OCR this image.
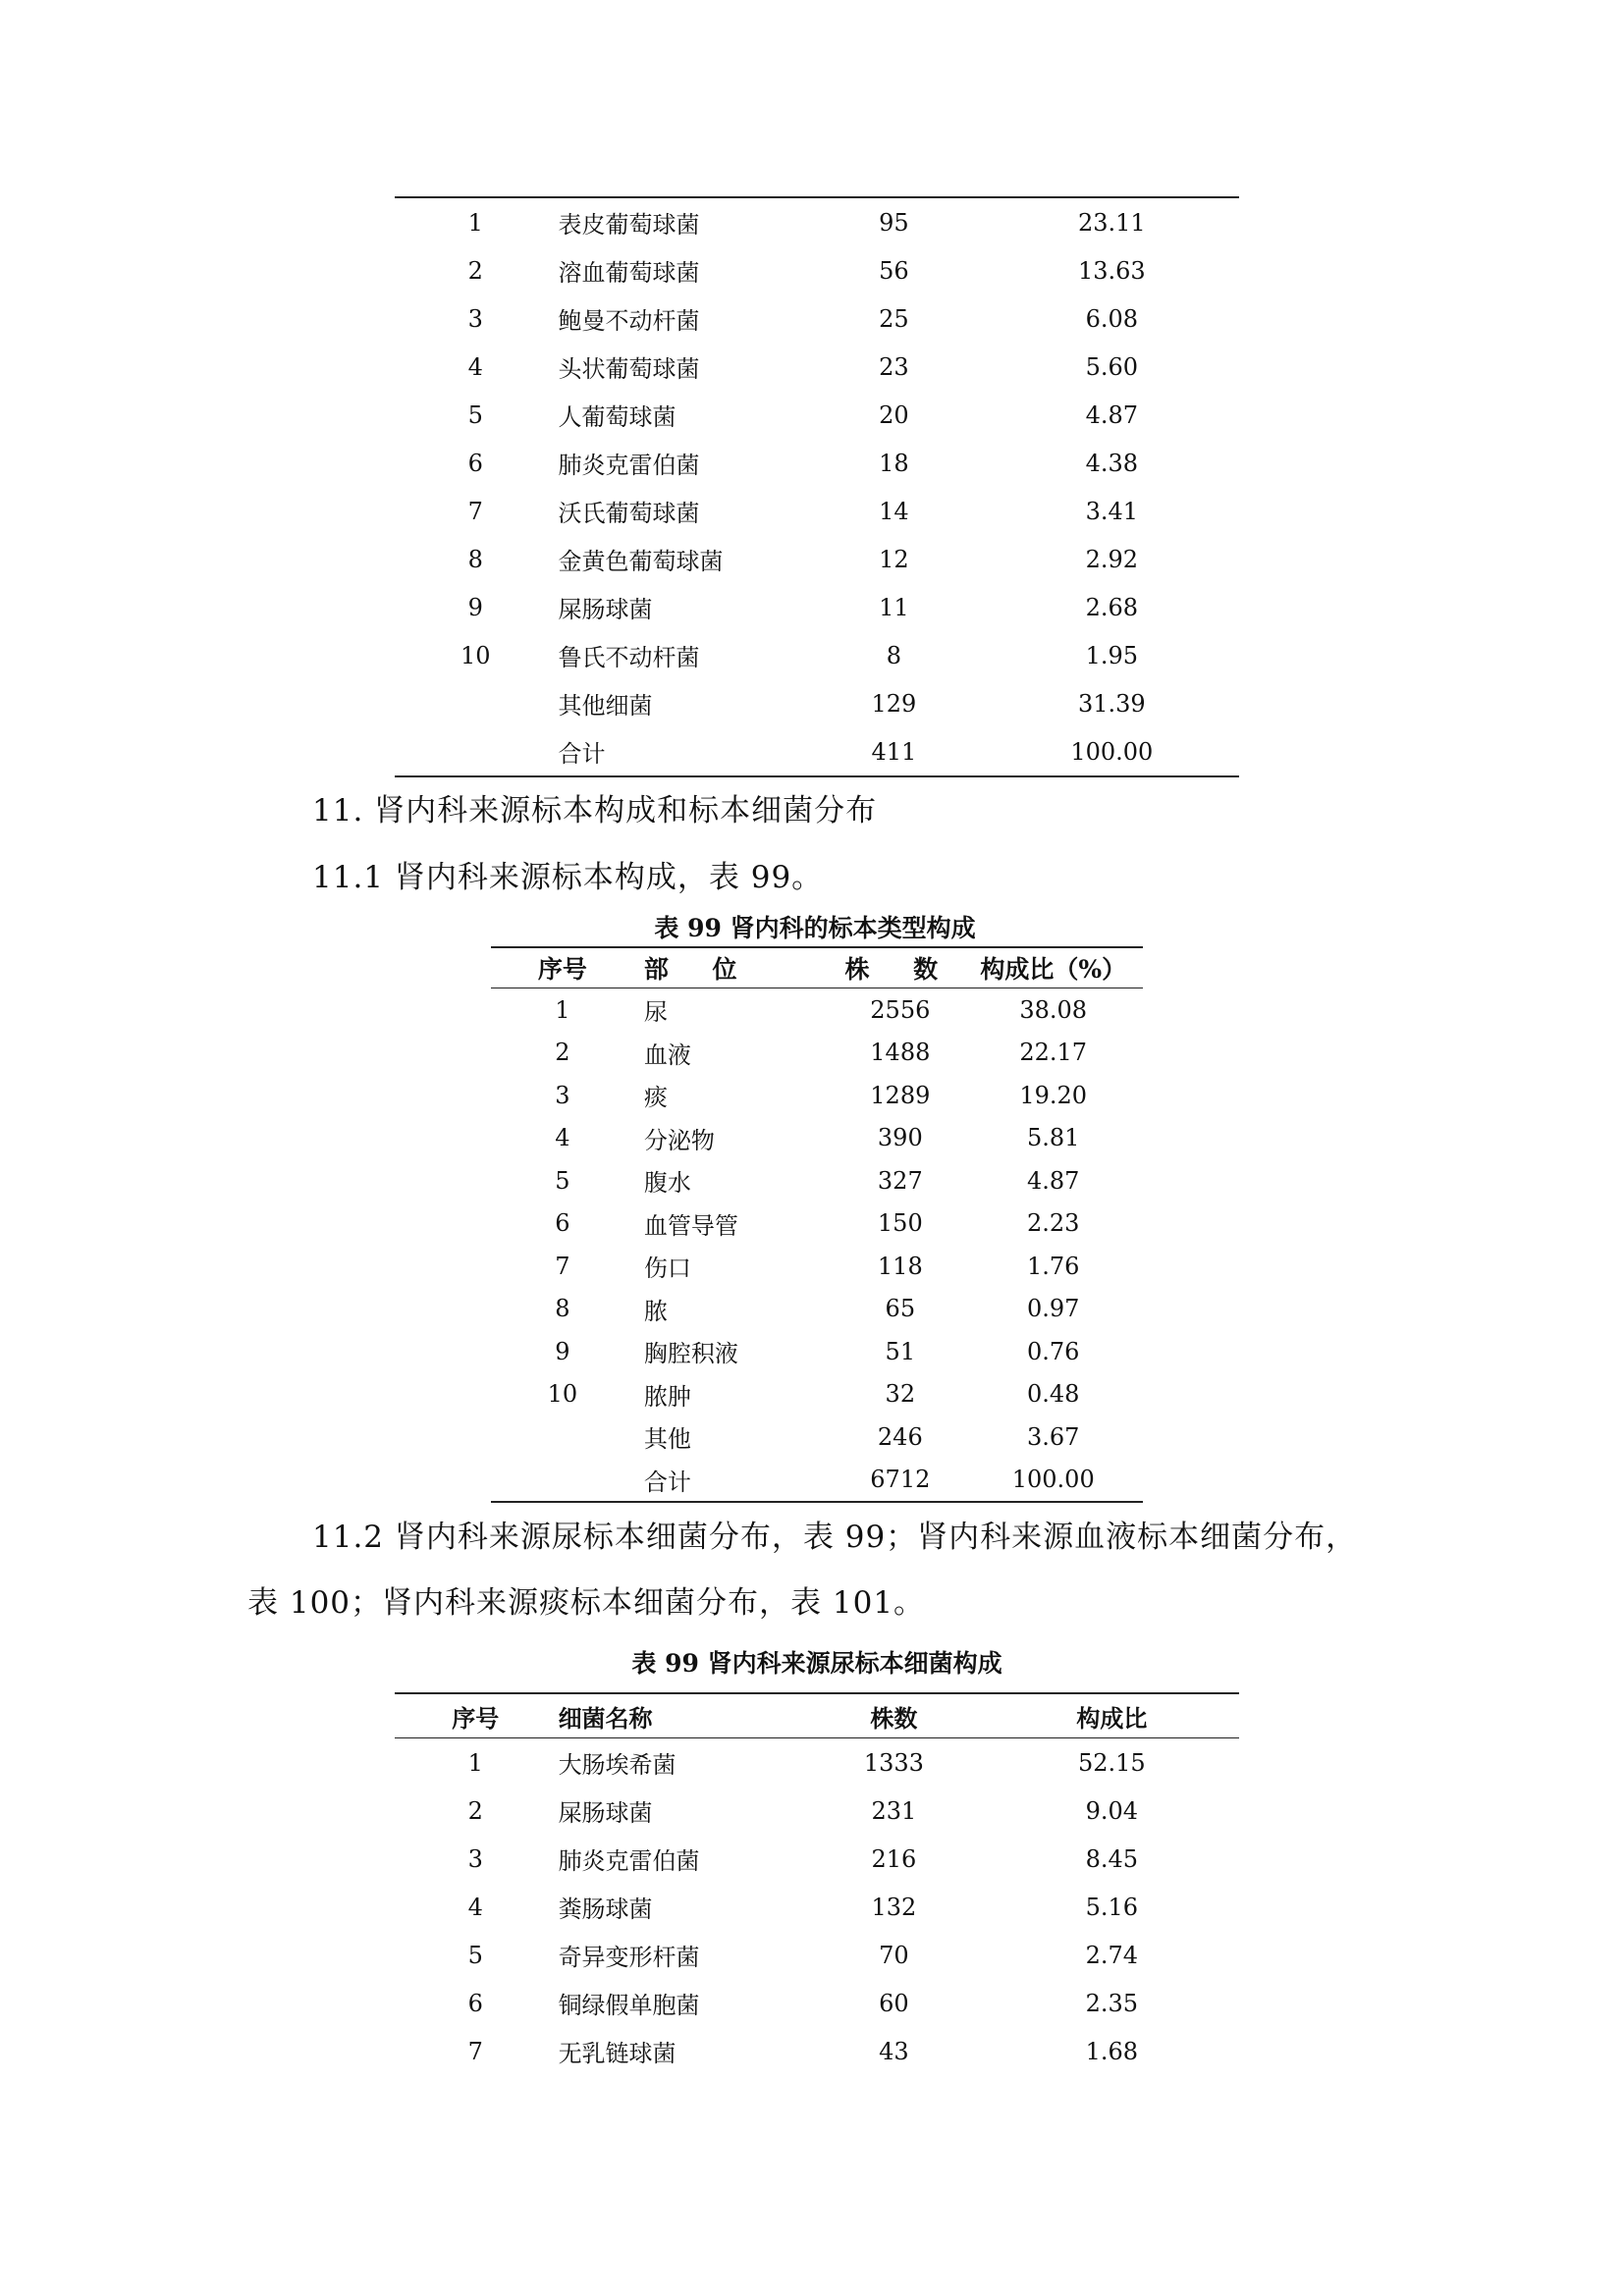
1	表皮葡萄球菌	95	23.11
2	溶血葡萄球菌	56	13.63
3	鲍曼不动杆菌	25	6.08
4	头状葡萄球菌	23	5.60
5	人葡萄球菌	20	4.87
6	肺炎克雷伯菌	18	4.38
7	沃氏葡萄球菌	14	3.41
8	金黄色葡萄球菌	12	2.92
9	屎肠球菌	11	2.68
10	鲁氏不动杆菌	8	1.95
	其他细菌	129	31.39
	合计	411	100.00
11. 肾内科来源标本构成和标本细菌分布
11.1 肾内科来源标本构成，表 99。
表 99 肾内科的标本类型构成
序号	部 位	株 数	构成比（%）
1	尿	2556	38.08
2	血液	1488	22.17
3	痰	1289	19.20
4	分泌物	390	5.81
5	腹水	327	4.87
6	血管导管	150	2.23
7	伤口	118	1.76
8	脓	65	0.97
9	胸腔积液	51	0.76
10	脓肿	32	0.48
	其他	246	3.67
	合计	6712	100.00
11.2 肾内科来源尿标本细菌分布，表 99；肾内科来源血液标本细菌分布，
表 100；肾内科来源痰标本细菌分布，表 101。
表 99 肾内科来源尿标本细菌构成
序号	细菌名称	株数	构成比
1	大肠埃希菌	1333	52.15
2	屎肠球菌	231	9.04
3	肺炎克雷伯菌	216	8.45
4	粪肠球菌	132	5.16
5	奇异变形杆菌	70	2.74
6	铜绿假单胞菌	60	2.35
7	无乳链球菌	43	1.68
